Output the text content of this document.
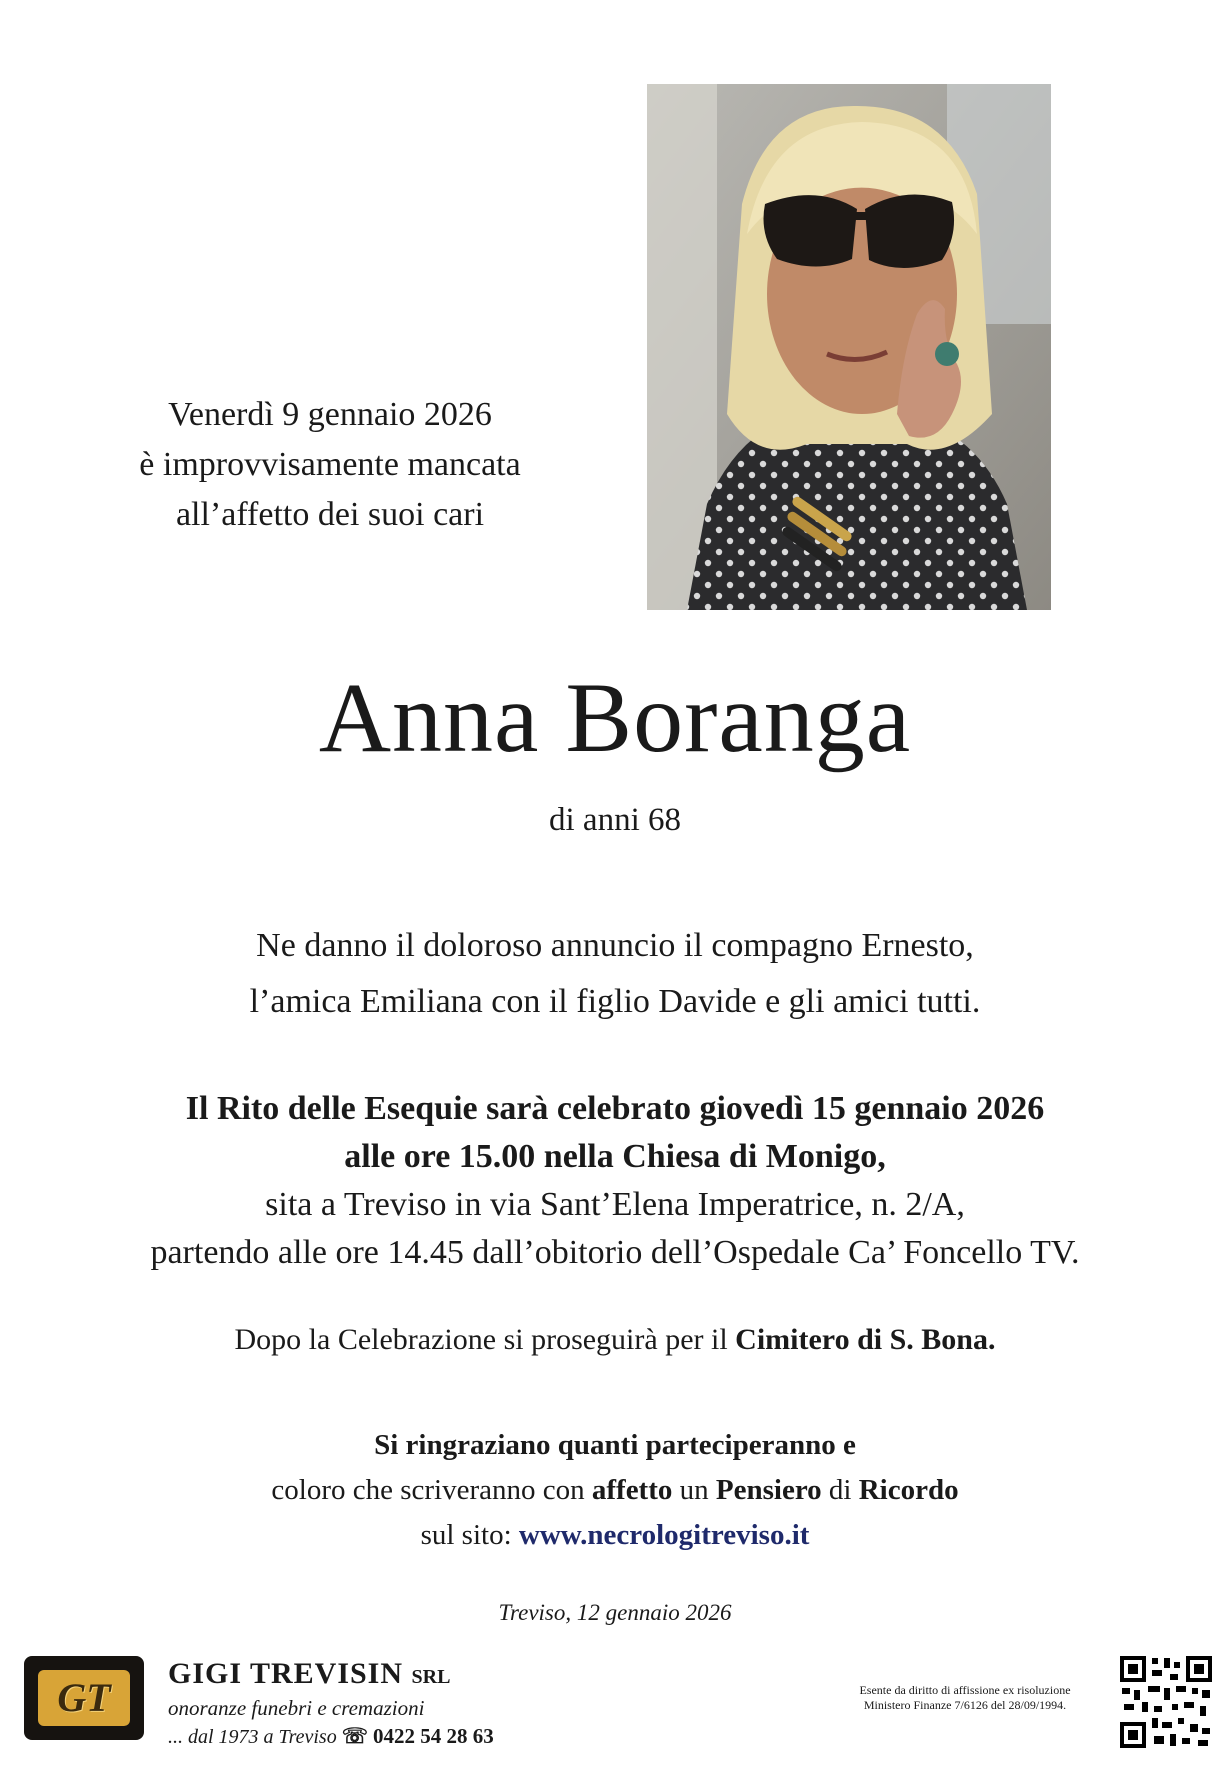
Venerdì 9 gennaio 2026
è improvvisamente mancata
all’affetto dei suoi cari
Anna Boranga
di anni 68
Ne danno il doloroso annuncio il compagno Ernesto,
l’amica Emiliana con il figlio Davide e gli amici tutti.
Il Rito delle Esequie sarà celebrato giovedì 15 gennaio 2026
alle ore 15.00 nella Chiesa di Monigo,
sita a Treviso in via Sant’Elena Imperatrice, n. 2/A,
partendo alle ore 14.45 dall’obitorio dell’Ospedale Ca’ Foncello TV.
Dopo la Celebrazione si proseguirà per il Cimitero di S. Bona.
Si ringraziano quanti parteciperanno e
coloro che scriveranno con affetto un Pensiero di Ricordo
sul sito: www.necrologitreviso.it
Treviso, 12 gennaio 2026
GT
GIGI TREVISIN SRL
onoranze funebri e cremazioni
... dal 1973 a Treviso ☏ 0422 54 28 63
Esente da diritto di affissione ex risoluzione
Ministero Finanze 7/6126 del 28/09/1994.
